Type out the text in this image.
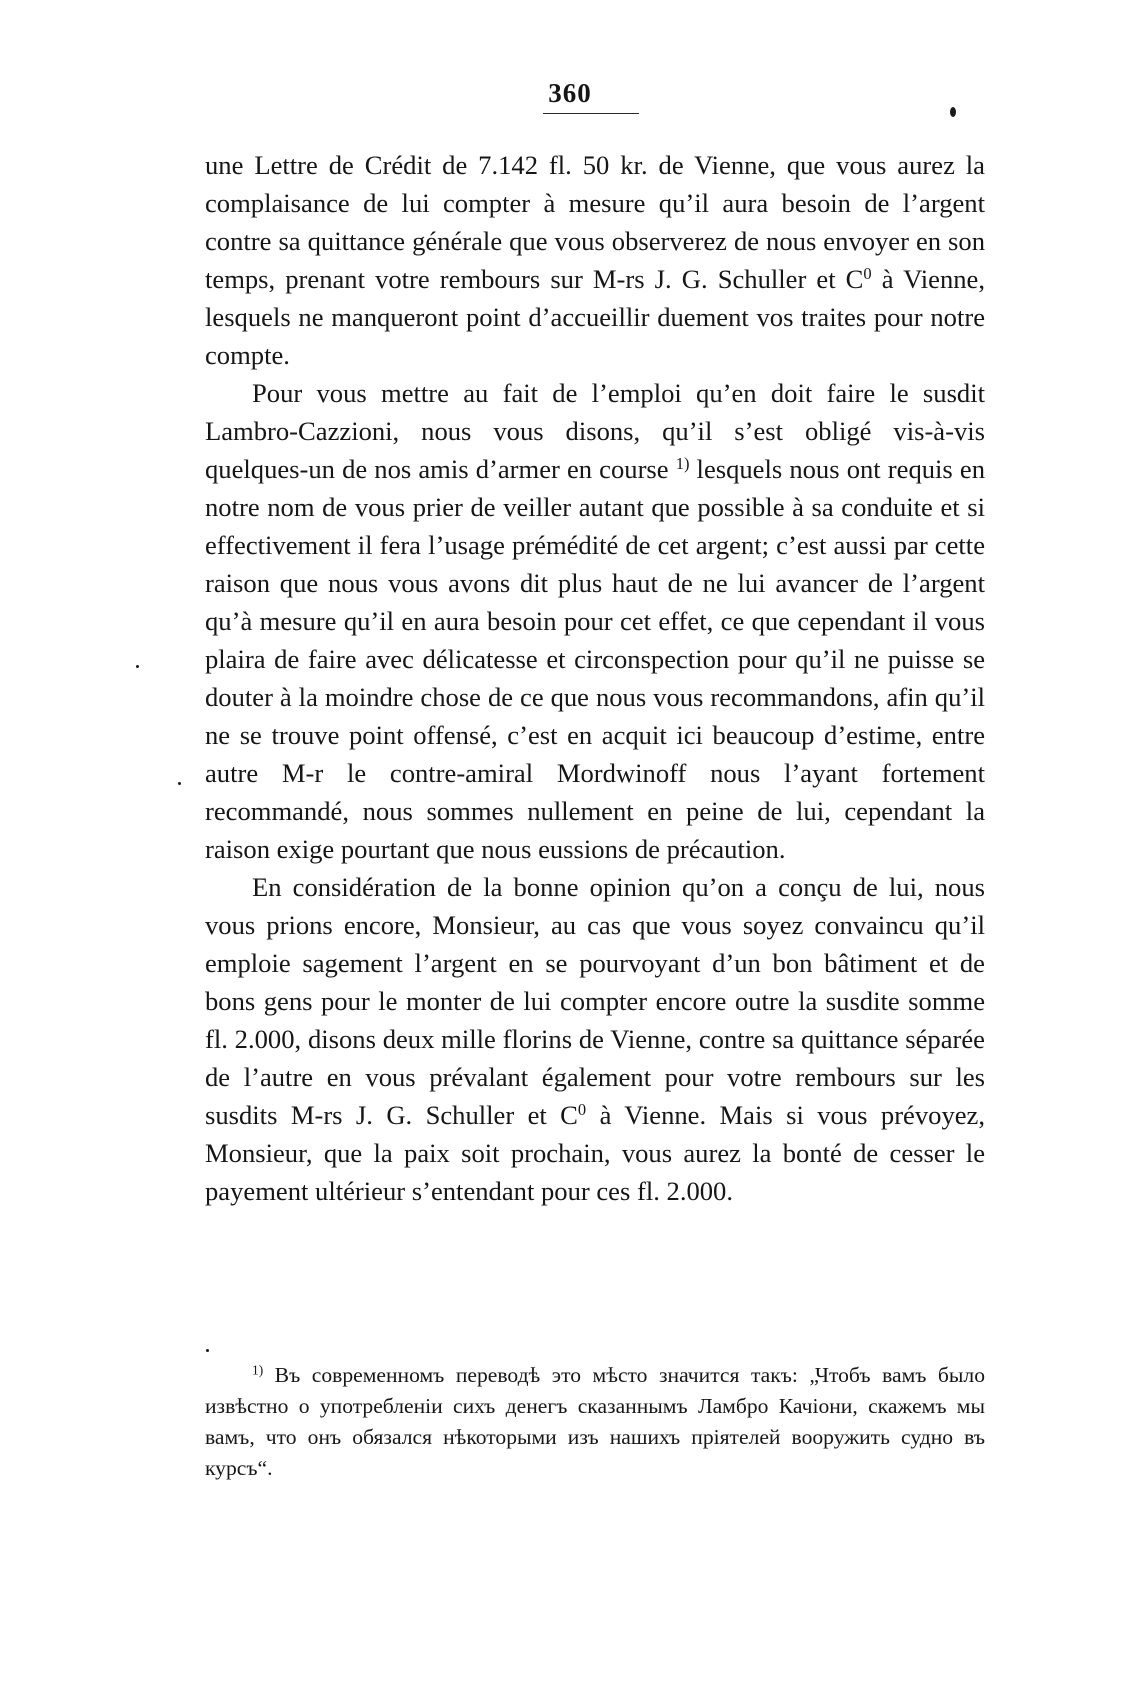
360

une Lettre de Crédit de 7.142 fl. 50 kr. de Vienne, que vous aurez la complaisance de lui compter à mesure qu’il aura besoin de l’argent contre sa quittance générale que vous observerez de nous envoyer en son temps, prenant votre rembours sur M-rs J. G. Schuller et $C^0$ à Vienne, lesquels ne manqueront point d’accueillir duement vos traites pour notre compte.

Pour vous mettre au fait de l’emploi qu’en doit faire le susdit Lambro-Cazzioni, nous vous disons, qu’il s’est obligé vis-à-vis quelques-un de nos amis d’armer en course $^{1)}$ lesquels nous ont requis en notre nom de vous prier de veiller autant que possible à sa conduite et si effectivement il fera l’usage prémédité de cet argent; c’est aussi par cette raison que nous vous avons dit plus haut de ne lui avancer de l’argent qu’à mesure qu’il en aura besoin pour cet effet, ce que cependant il vous plaira de faire avec délicatesse et circonspection pour qu’il ne puisse se douter à la moindre chose de ce que nous vous recommandons, afin qu’il ne se trouve point offensé, c’est en acquit ici beaucoup d’estime, entre autre M-r le contre-amiral Mordwinoff nous l’ayant fortement recommandé, nous sommes nullement en peine de lui, cependant la raison exige pourtant que nous eussions de précaution.

En considération de la bonne opinion qu’on a conçu de lui, nous vous prions encore, Monsieur, au cas que vous soyez convaincu qu’il emploie sagement l’argent en se pourvoyant d’un bon bâtiment et de bons gens pour le monter de lui compter encore outre la susdite somme fl. 2.000, disons deux mille florins de Vienne, contre sa quittance séparée de l’autre en vous prévalant également pour votre rembours sur les susdits M-rs J. G. Schuller et $C^0$ à Vienne. Mais si vous prévoyez, Monsieur, que la paix soit prochain, vous aurez la bonté de cesser le payement ultérieur s’entendant pour ces fl. 2.000.

$^{1)}$ Въ современномъ переводѣ это мѣсто значится такъ: „Чтобъ вамъ было извѣстно о употребленіи сихъ денегъ сказаннымъ Ламбро Качіони, скажемъ мы вамъ, что онъ обязался нѣкоторыми изъ нашихъ пріятелей вооружить судно въ курсъ“.
